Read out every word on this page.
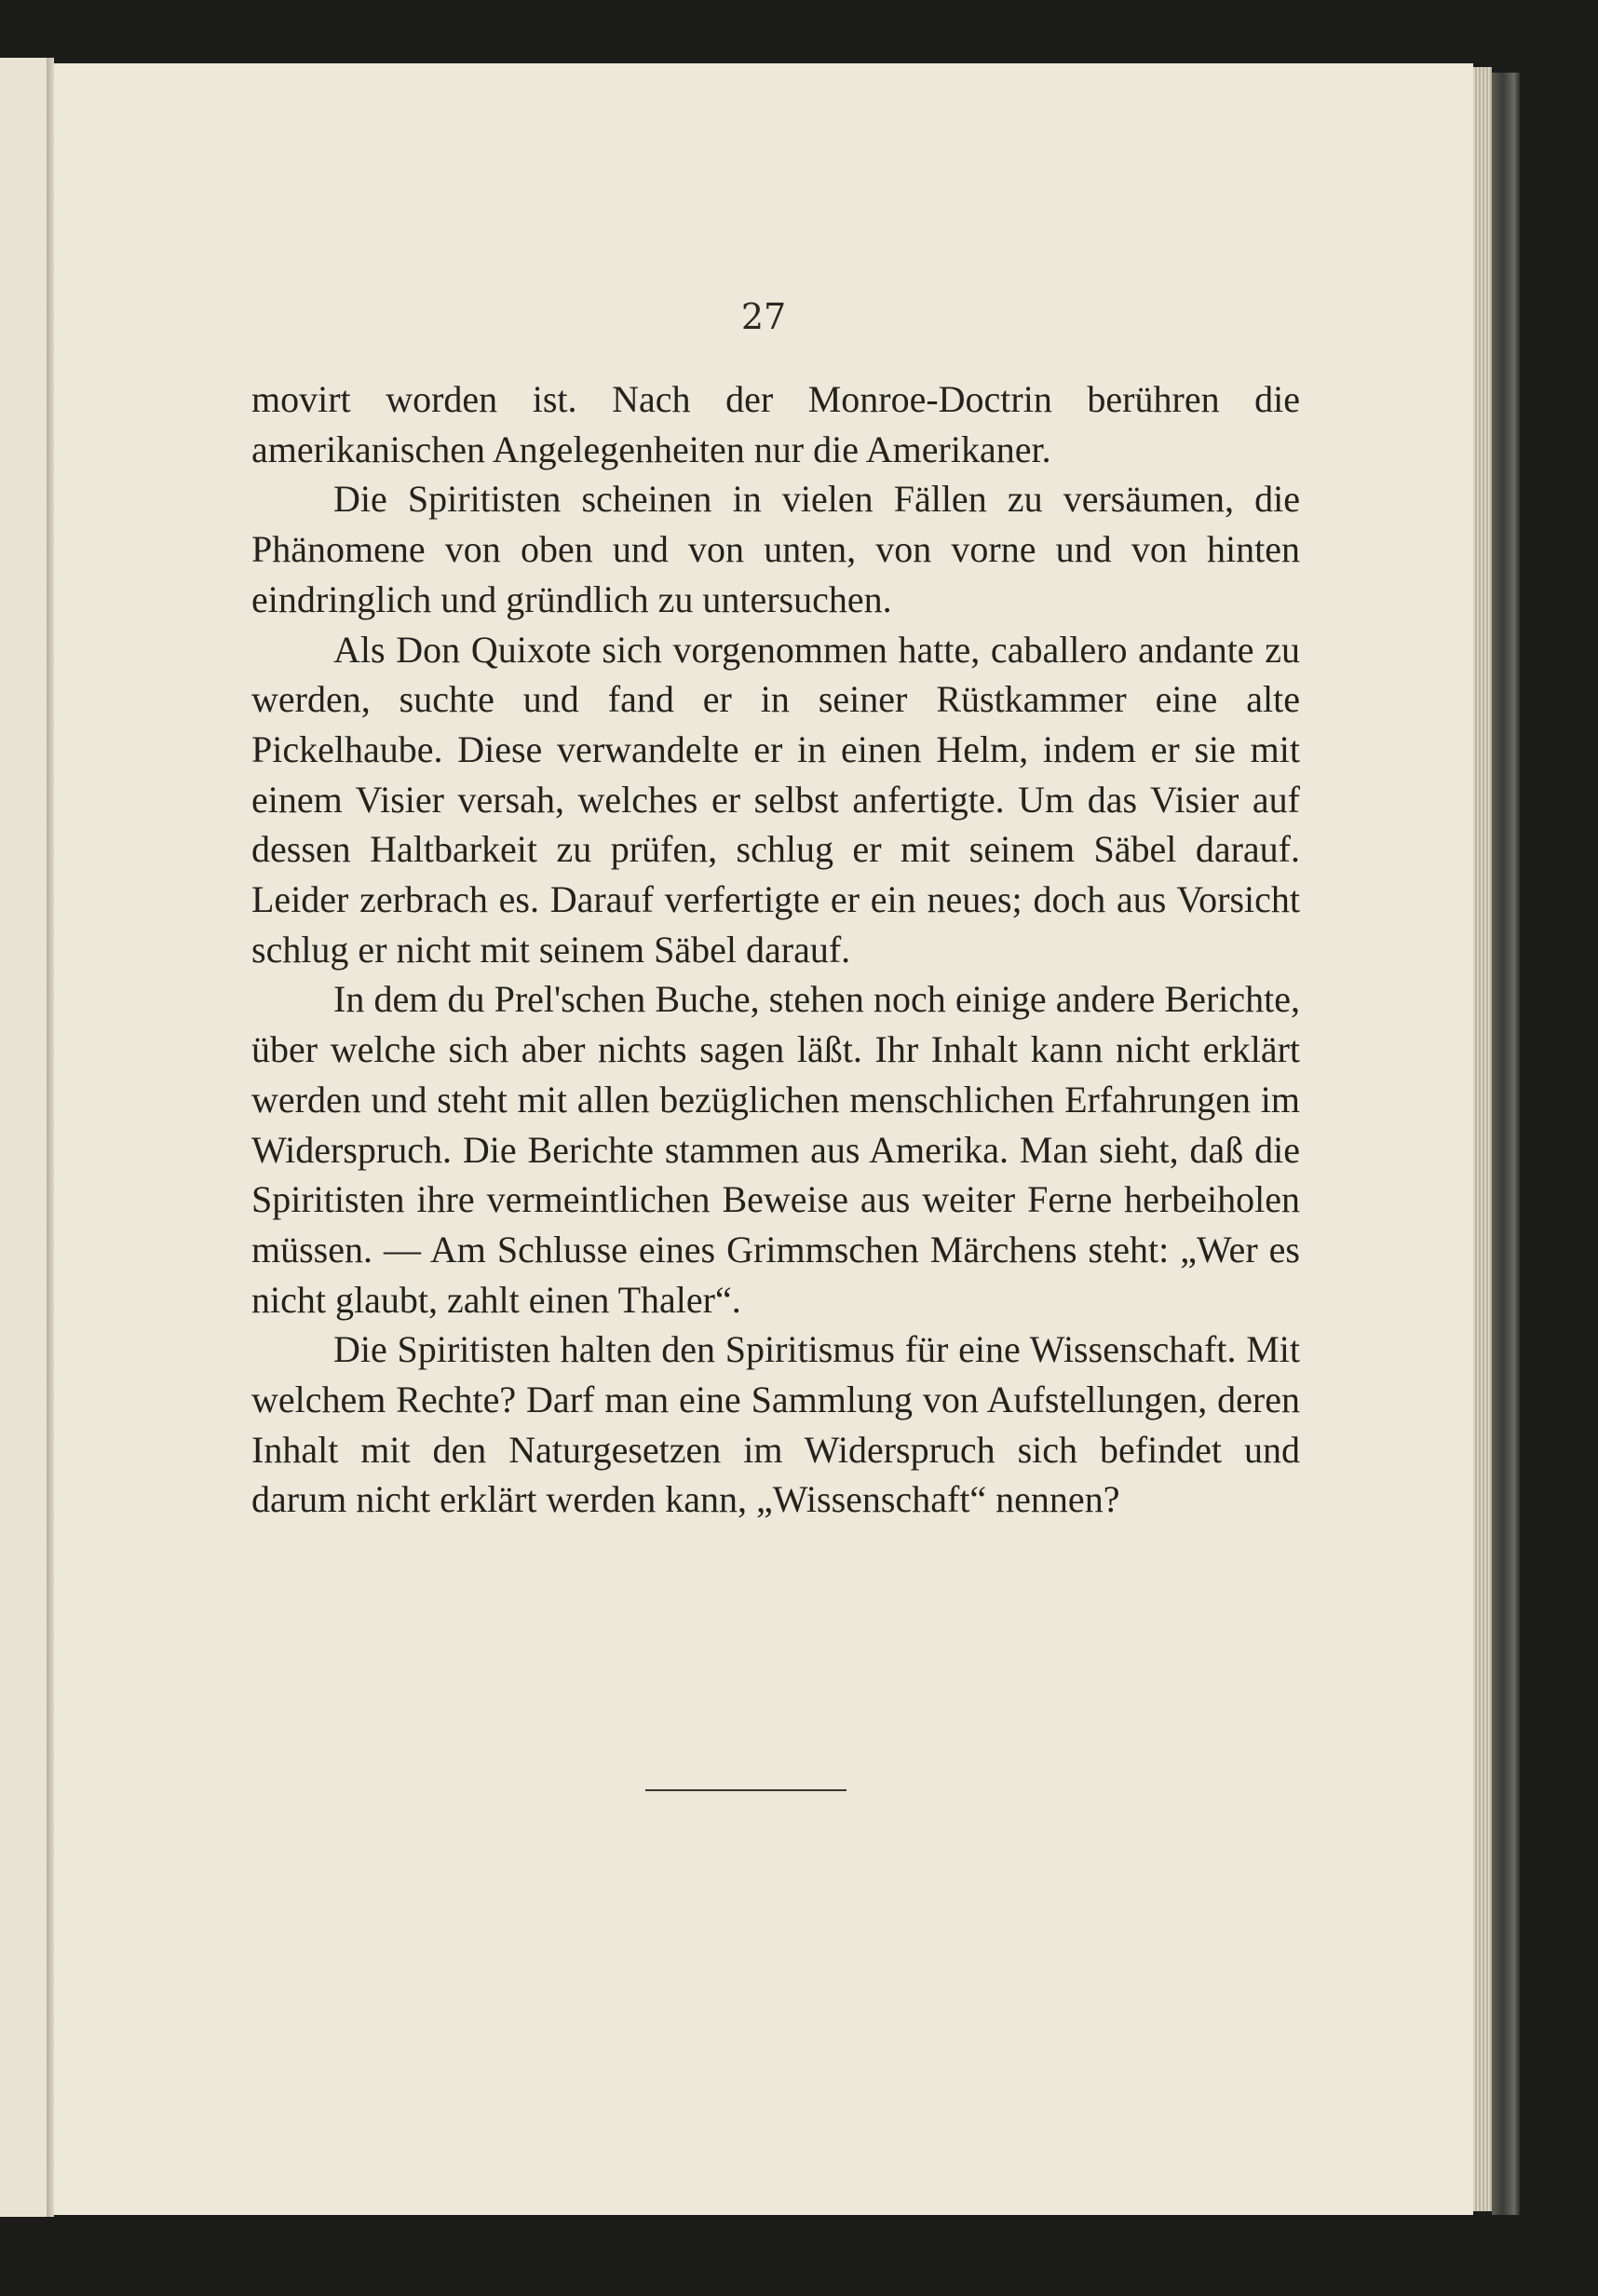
27

movirt worden ist. Nach der Monroe-Doctrin berühren die amerikanischen Angelegenheiten nur die Amerikaner.

Die Spiritisten scheinen in vielen Fällen zu versäumen, die Phänomene von oben und von unten, von vorne und von hinten eindringlich und gründlich zu untersuchen.

Als Don Quixote sich vorgenommen hatte, caballero andante zu werden, suchte und fand er in seiner Rüstkammer eine alte Pickelhaube. Diese verwandelte er in einen Helm, indem er sie mit einem Visier versah, welches er selbst anfertigte. Um das Visier auf dessen Haltbarkeit zu prüfen, schlug er mit seinem Säbel darauf. Leider zerbrach es. Darauf verfertigte er ein neues; doch aus Vorsicht schlug er nicht mit seinem Säbel darauf.

In dem du Prel'schen Buche, stehen noch einige andere Berichte, über welche sich aber nichts sagen läßt. Ihr Inhalt kann nicht erklärt werden und steht mit allen bezüglichen menschlichen Erfahrungen im Widerspruch. Die Berichte stammen aus Amerika. Man sieht, daß die Spiritisten ihre vermeintlichen Beweise aus weiter Ferne herbeiholen müssen. — Am Schlusse eines Grimmschen Märchens steht: „Wer es nicht glaubt, zahlt einen Thaler“.

Die Spiritisten halten den Spiritismus für eine Wissenschaft. Mit welchem Rechte? Darf man eine Sammlung von Aufstellungen, deren Inhalt mit den Naturgesetzen im Widerspruch sich befindet und darum nicht erklärt werden kann, „Wissenschaft“ nennen?
